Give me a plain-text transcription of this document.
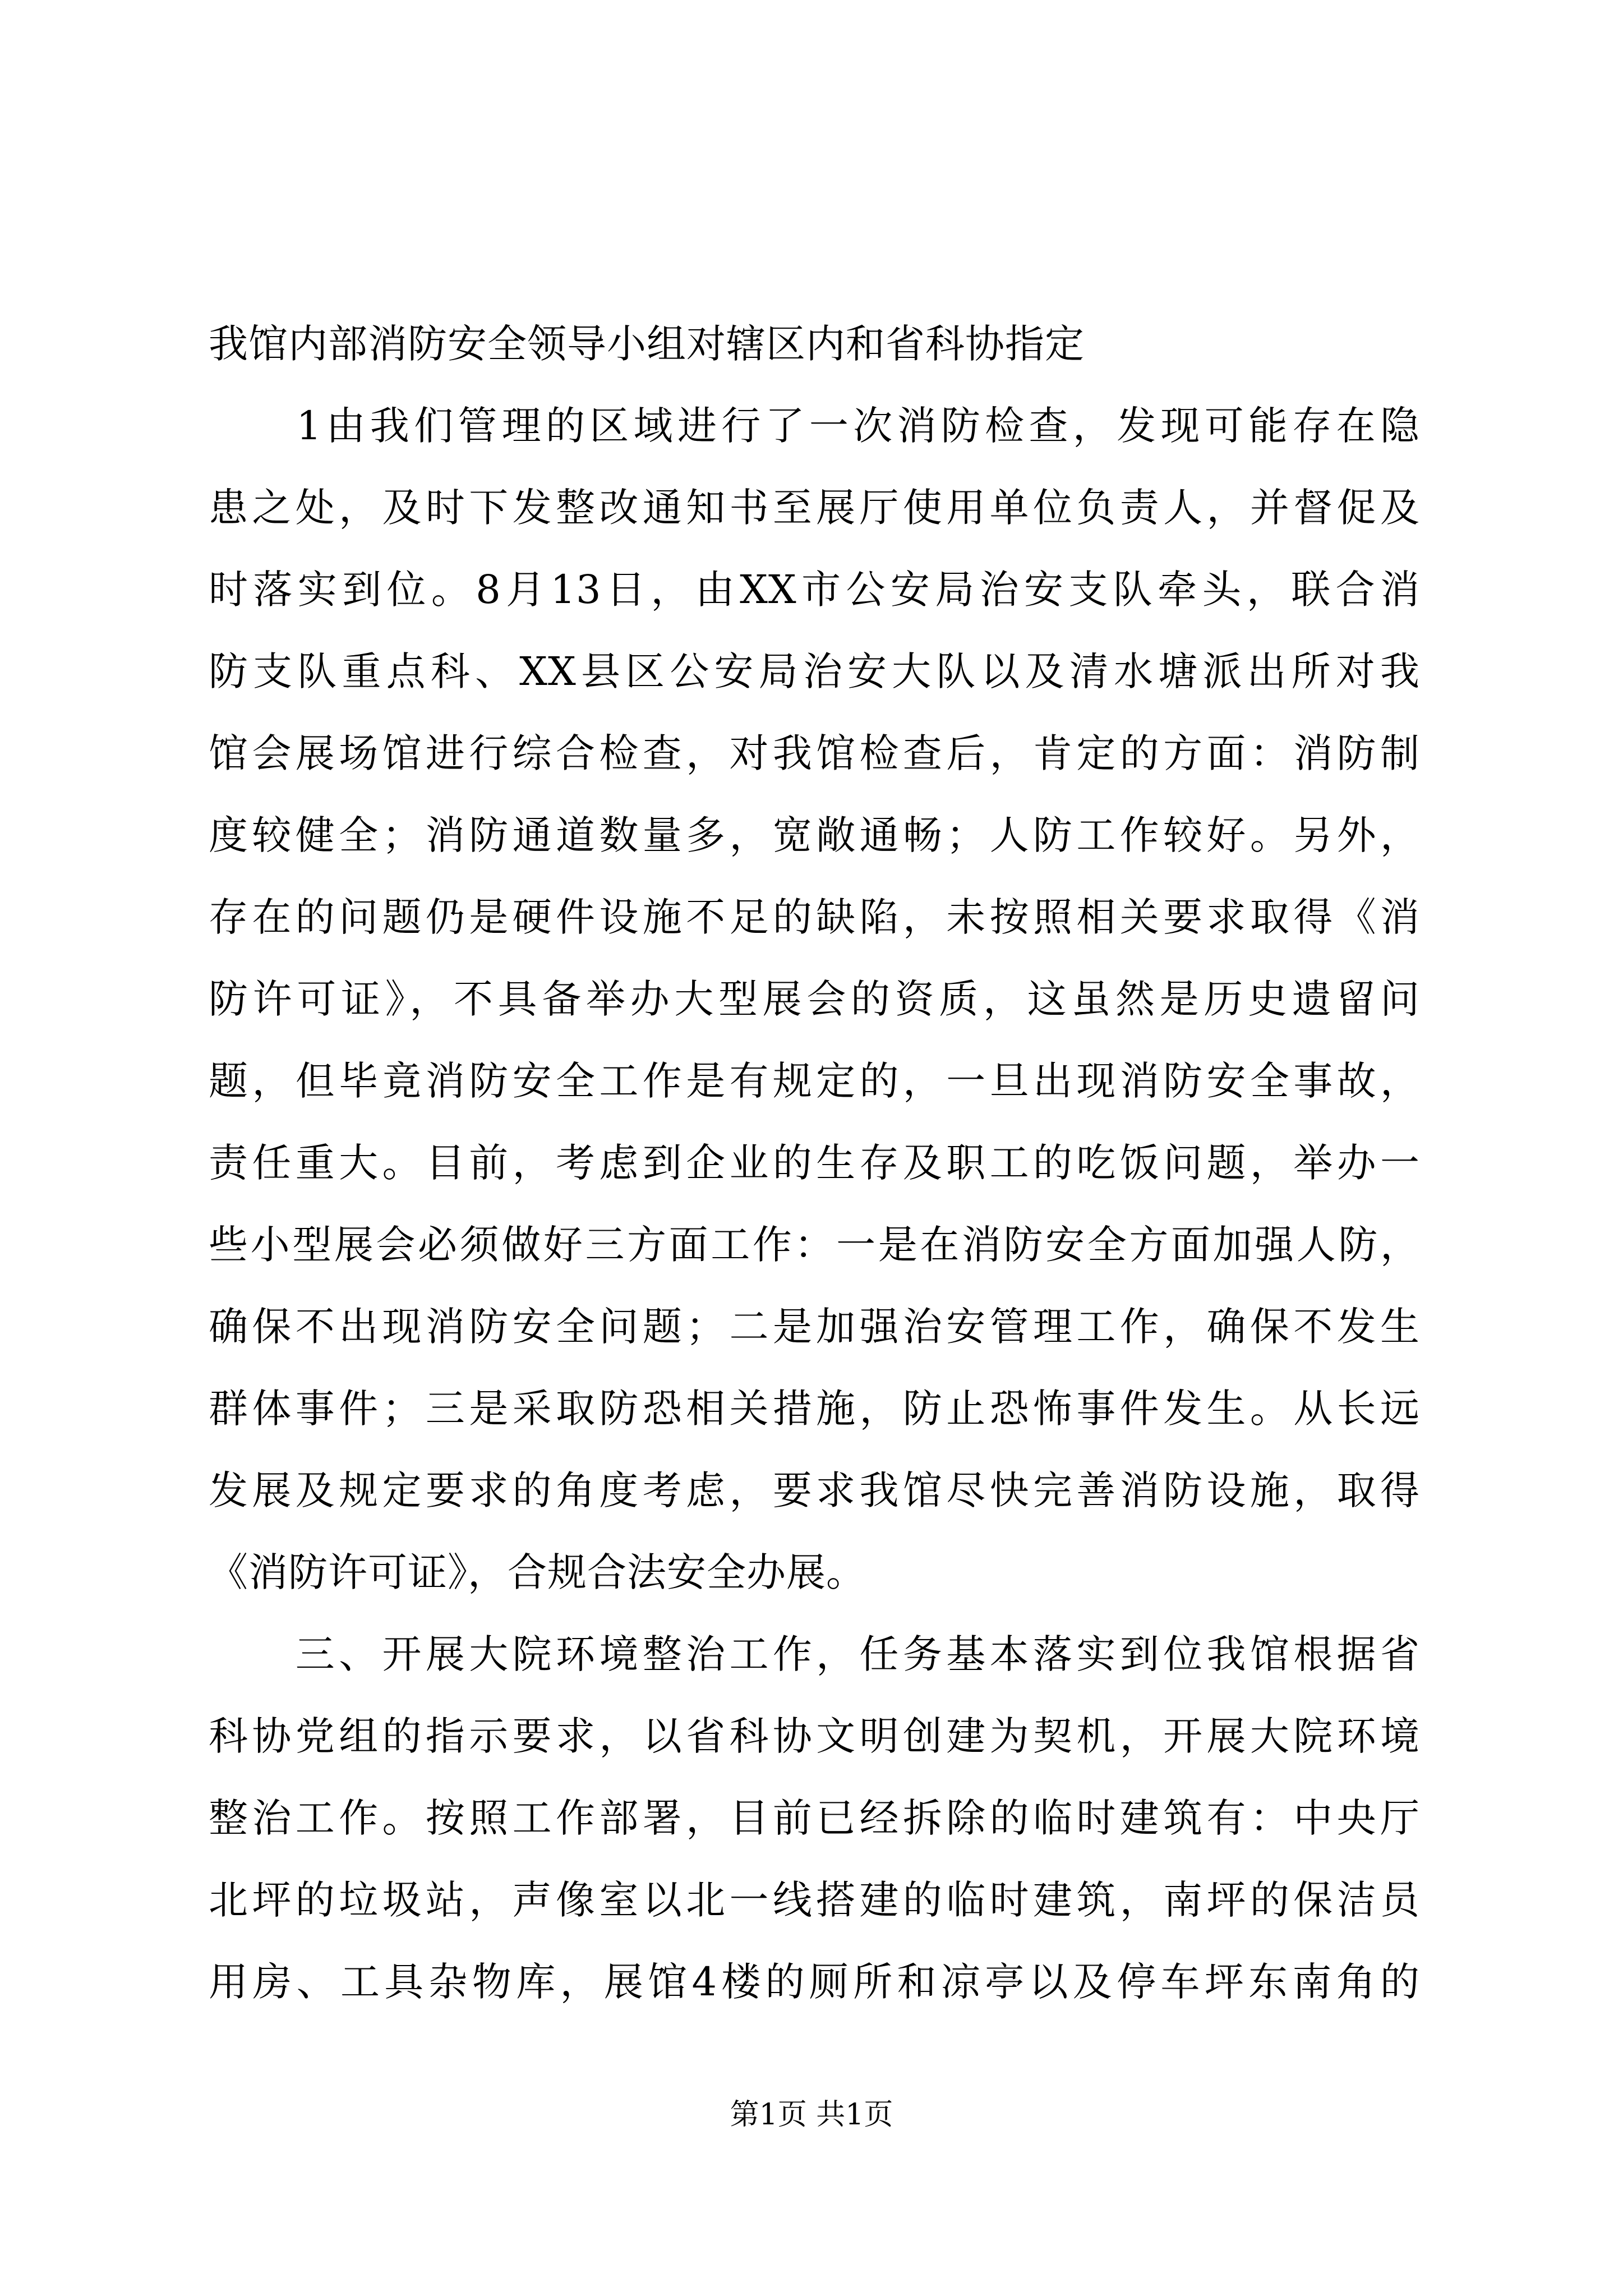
我馆内部消防安全领导小组对辖区内和省科协指定
　　1由我们管理的区域进行了一次消防检查，发现可能存在隐
患之处，及时下发整改通知书至展厅使用单位负责人，并督促及
时落实到位。8月13日，由XX市公安局治安支队牵头，联合消
防支队重点科、XX县区公安局治安大队以及清水塘派出所对我
馆会展场馆进行综合检查，对我馆检查后，肯定的方面：消防制
度较健全；消防通道数量多，宽敞通畅；人防工作较好。另外，
存在的问题仍是硬件设施不足的缺陷，未按照相关要求取得《消
防许可证》，不具备举办大型展会的资质，这虽然是历史遗留问
题，但毕竟消防安全工作是有规定的，一旦出现消防安全事故，
责任重大。目前，考虑到企业的生存及职工的吃饭问题，举办一
些小型展会必须做好三方面工作：一是在消防安全方面加强人防，
确保不出现消防安全问题；二是加强治安管理工作，确保不发生
群体事件；三是采取防恐相关措施，防止恐怖事件发生。从长远
发展及规定要求的角度考虑，要求我馆尽快完善消防设施，取得
《消防许可证》，合规合法安全办展。
　　三、开展大院环境整治工作，任务基本落实到位我馆根据省
科协党组的指示要求，以省科协文明创建为契机，开展大院环境
整治工作。按照工作部署，目前已经拆除的临时建筑有：中央厅
北坪的垃圾站，声像室以北一线搭建的临时建筑，南坪的保洁员
用房、工具杂物库，展馆4楼的厕所和凉亭以及停车坪东南角的
第1页 共1页
